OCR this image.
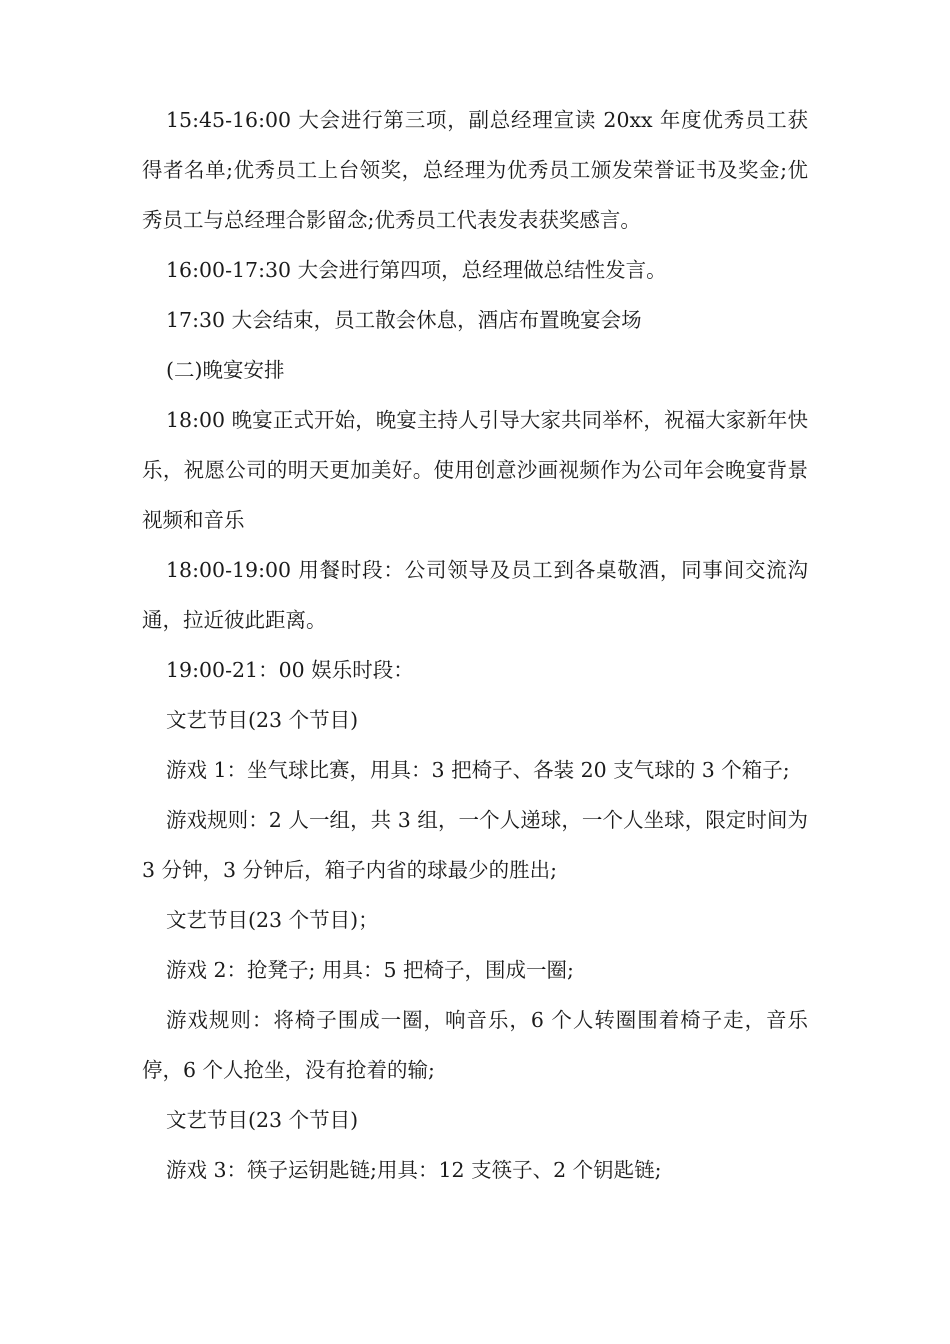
15:45-16:00 大会进行第三项，副总经理宣读 20xx 年度优秀员工获得者名单;优秀员工上台领奖，总经理为优秀员工颁发荣誉证书及奖金;优秀员工与总经理合影留念;优秀员工代表发表获奖感言。

16:00-17:30 大会进行第四项，总经理做总结性发言。

17:30 大会结束，员工散会休息，酒店布置晚宴会场

(二)晚宴安排

18:00 晚宴正式开始，晚宴主持人引导大家共同举杯，祝福大家新年快乐，祝愿公司的明天更加美好。使用创意沙画视频作为公司年会晚宴背景视频和音乐

18:00-19:00 用餐时段：公司领导及员工到各桌敬酒，同事间交流沟通，拉近彼此距离。

19:00-21：00 娱乐时段：

文艺节目(23 个节目)

游戏 1：坐气球比赛，用具：3 把椅子、各装 20 支气球的 3 个箱子;

游戏规则：2 人一组，共 3 组，一个人递球，一个人坐球，限定时间为 3 分钟，3 分钟后，箱子内省的球最少的胜出;

文艺节目(23 个节目)；

游戏 2：抢凳子; 用具：5 把椅子，围成一圈;

游戏规则：将椅子围成一圈，响音乐，6 个人转圈围着椅子走，音乐停，6 个人抢坐，没有抢着的输;

文艺节目(23 个节目)

游戏 3：筷子运钥匙链;用具：12 支筷子、2 个钥匙链;
